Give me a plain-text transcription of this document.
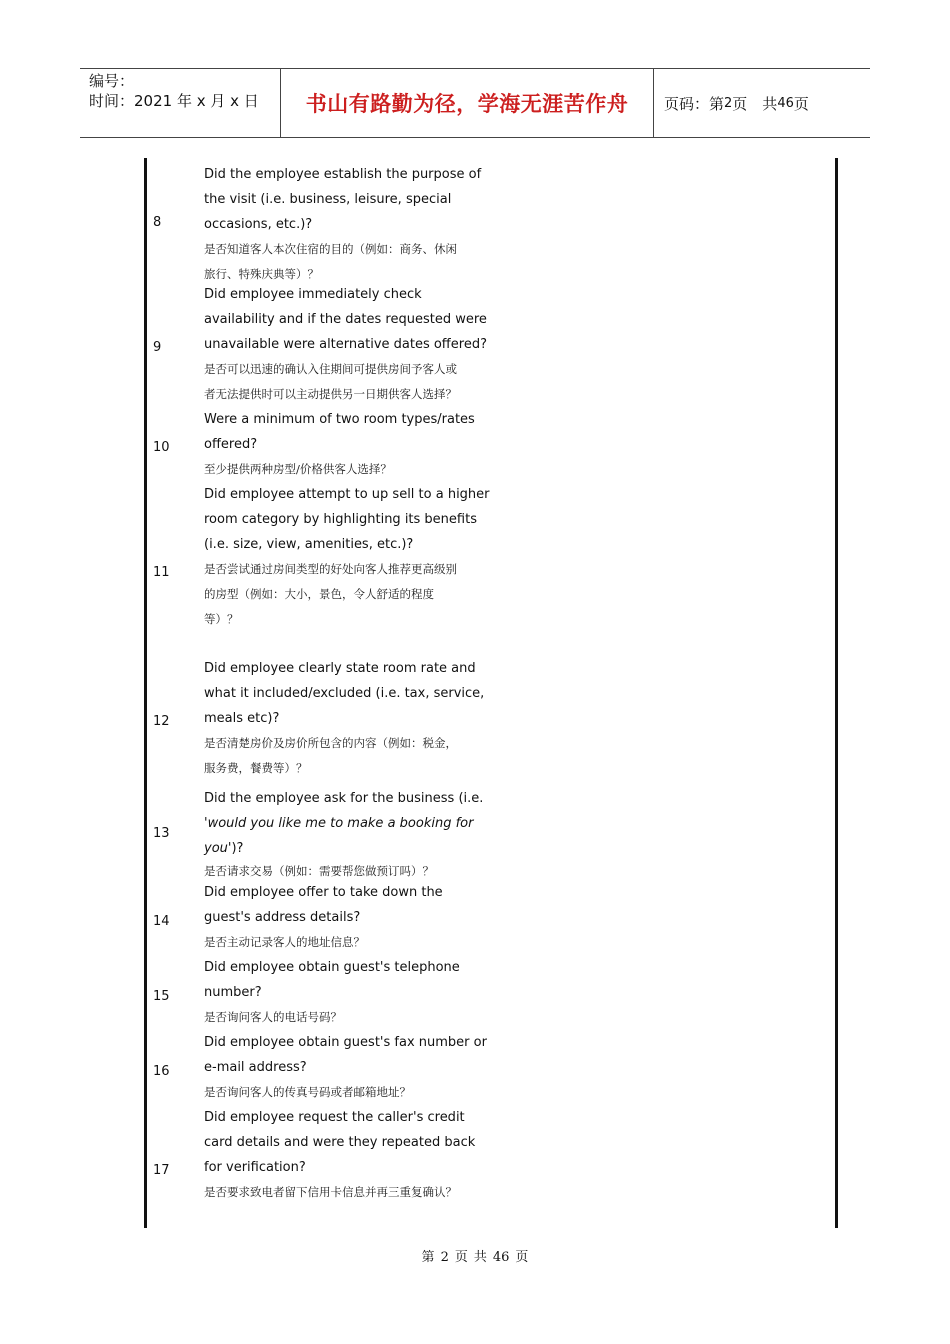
编号：
时间：2021 年 x 月 x 日	书山有路勤为径，学海无涯苦作舟 页码：第 2 页　共 46 页
8

Did the employee establish the purpose of

the visit (i.e. business, leisure, special

occasions, etc.)?

是否知道客人本次住宿的目的（例如：商务、休闲

旅行、特殊庆典等）？

9

Did employee immediately check

availability and if the dates requested were

unavailable were alternative dates offered?

是否可以迅速的确认入住期间可提供房间予客人或

者无法提供时可以主动提供另一日期供客人选择？

10

Were a minimum of two room types/rates

offered?

至少提供两种房型/价格供客人选择？

11

Did employee attempt to up sell to a higher

room category by highlighting its benefits

(i.e. size, view, amenities, etc.)?

是否尝试通过房间类型的好处向客人推荐更高级别

的房型（例如：大小，景色，令人舒适的程度

等）？

12

Did employee clearly state room rate and

what it included/excluded (i.e. tax, service,

meals etc)?

是否清楚房价及房价所包含的内容（例如：税金，

服务费，餐费等）？

13

Did the employee ask for the business (i.e.

'would you like me to make a booking for

you')?

是否请求交易（例如：需要帮您做预订吗）？

14

Did employee offer to take down the

guest's address details?

是否主动记录客人的地址信息？

15

Did employee obtain guest's telephone

number?

是否询问客人的电话号码？

16

Did employee obtain guest's fax number or

e-mail address?

是否询问客人的传真号码或者邮箱地址？

17

Did employee request the caller's credit

card details and were they repeated back

for verification?

是否要求致电者留下信用卡信息并再三重复确认？

第 2 页 共 46 页
